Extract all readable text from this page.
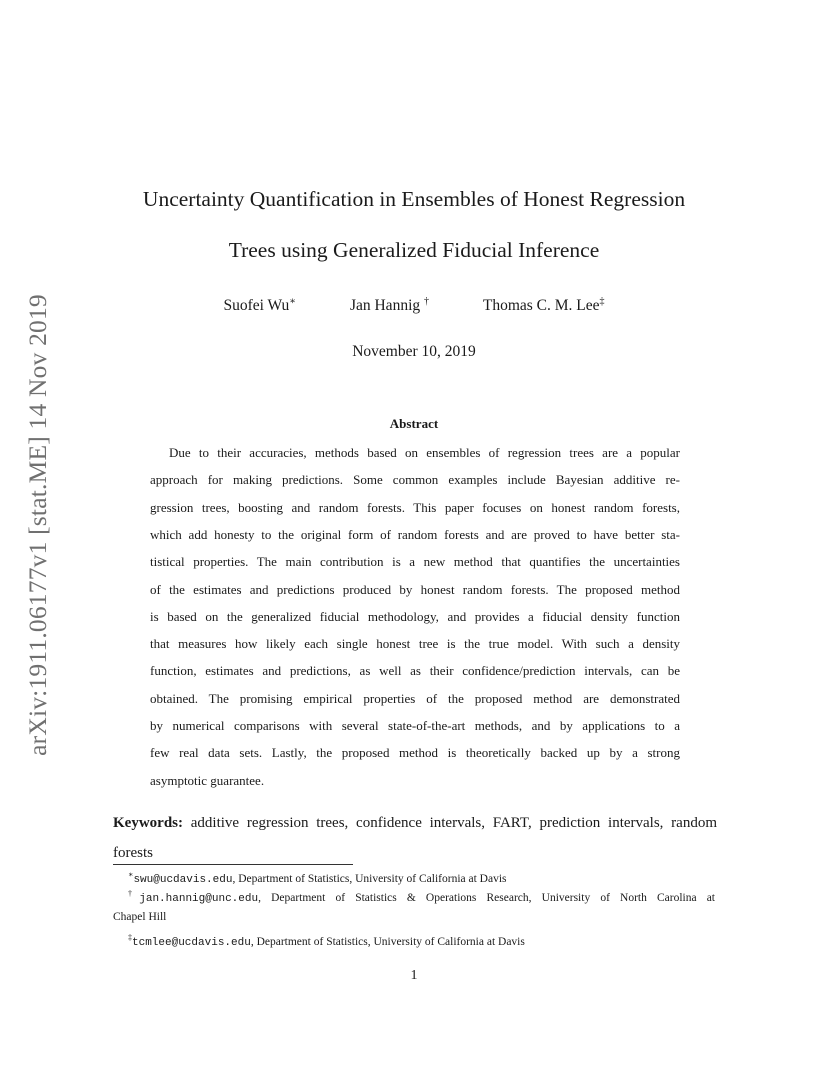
arXiv:1911.06177v1 [stat.ME] 14 Nov 2019
Uncertainty Quantification in Ensembles of Honest Regression
Trees using Generalized Fiducial Inference
Suofei Wu∗	Jan Hannig †	Thomas C. M. Lee‡
November 10, 2019
Abstract
Due to their accuracies, methods based on ensembles of regression trees are a popular
approach for making predictions. Some common examples include Bayesian additive re-
gression trees, boosting and random forests. This paper focuses on honest random forests,
which add honesty to the original form of random forests and are proved to have better sta-
tistical properties. The main contribution is a new method that quantifies the uncertainties
of the estimates and predictions produced by honest random forests. The proposed method
is based on the generalized fiducial methodology, and provides a fiducial density function
that measures how likely each single honest tree is the true model. With such a density
function, estimates and predictions, as well as their confidence/prediction intervals, can be
obtained. The promising empirical properties of the proposed method are demonstrated
by numerical comparisons with several state-of-the-art methods, and by applications to a
few real data sets. Lastly, the proposed method is theoretically backed up by a strong
asymptotic guarantee.
Keywords: additive regression trees, confidence intervals, FART, prediction intervals, random
forests
∗swu@ucdavis.edu, Department of Statistics, University of California at Davis
†jan.hannig@unc.edu, Department of Statistics & Operations Research, University of North Carolina at
Chapel Hill
‡tcmlee@ucdavis.edu, Department of Statistics, University of California at Davis
1
